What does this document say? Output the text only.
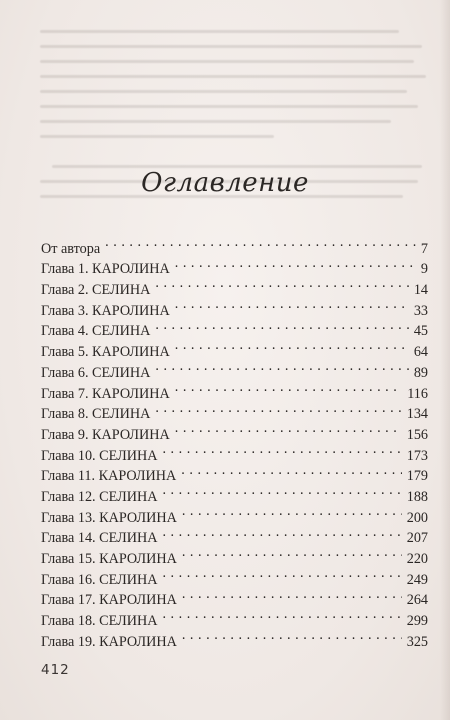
Оглавление
От автора . . .	7
Глава 1. КАРОЛИНА . . .	9
Глава 2. СЕЛИНА . . .	14
Глава 3. КАРОЛИНА . . .	33
Глава 4. СЕЛИНА . . .	45
Глава 5. КАРОЛИНА . . .	64
Глава 6. СЕЛИНА . . .	89
Глава 7. КАРОЛИНА . . .	116
Глава 8. СЕЛИНА . . .	134
Глава 9. КАРОЛИНА . . .	156
Глава 10. СЕЛИНА . . .	173
Глава 11. КАРОЛИНА . . .	179
Глава 12. СЕЛИНА . . .	188
Глава 13. КАРОЛИНА . . .	200
Глава 14. СЕЛИНА . . .	207
Глава 15. КАРОЛИНА . . .	220
Глава 16. СЕЛИНА . . .	249
Глава 17. КАРОЛИНА . . .	264
Глава 18. СЕЛИНА . . .	299
Глава 19. КАРОЛИНА . . .	325
412
